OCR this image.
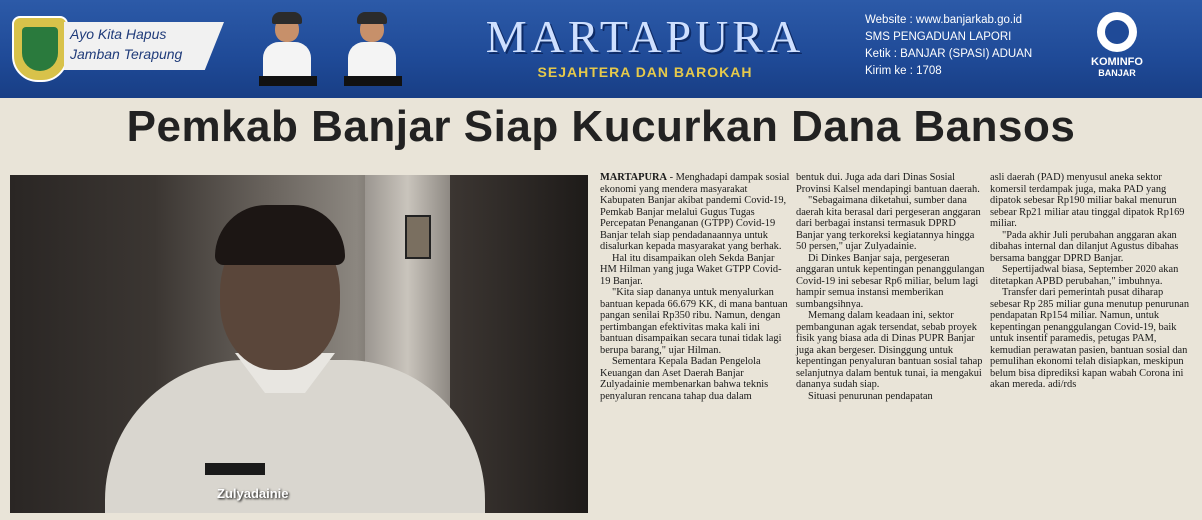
Ayo Kita Hapus
Jamban Terapung	MARTAPURA
SEJAHTERA DAN BAROKAH
Website : www.banjarkab.go.id
SMS PENGADUAN LAPORI
Ketik : BANJAR (SPASI) ADUAN
Kirim ke : 1708
KOMINFO
BANJAR
Pemkab Banjar Siap Kucurkan Dana Bansos
Zulyadainie

MARTAPURA - Menghadapi dampak sosial ekonomi yang mendera masyarakat Kabupaten Banjar akibat pandemi Covid-19, Pemkab Banjar melalui Gugus Tugas Percepatan Penanganan (GTPP) Covid-19 Banjar telah siap pendadanaannya untuk disalurkan kepada masyarakat yang berhak.

Hal itu disampaikan oleh Sekda Banjar HM Hilman yang juga Waket GTPP Covid-19 Banjar.

"Kita siap dananya untuk menyalurkan bantuan kepada 66.679 KK, di mana bantuan pangan senilai Rp350 ribu. Namun, dengan pertimbangan efektivitas maka kali ini bantuan disampaikan secara tunai tidak lagi berupa barang," ujar Hilman.

Sementara Kepala Badan Pengelola Keuangan dan Aset Daerah Banjar Zulyadainie membenarkan bahwa teknis penyaluran rencana tahap dua dalam

bentuk dui. Juga ada dari Dinas Sosial Provinsi Kalsel mendapingi bantuan daerah.

"Sebagaimana diketahui, sumber dana daerah kita berasal dari pergeseran anggaran dari berbagai instansi termasuk DPRD Banjar yang terkoreksi kegiatannya hingga 50 persen," ujar Zulyadainie.

Di Dinkes Banjar saja, pergeseran anggaran untuk kepentingan penanggulangan Covid-19 ini sebesar Rp6 miliar, belum lagi hampir semua instansi memberikan sumbangsihnya.

Memang dalam keadaan ini, sektor pembangunan agak tersendat, sebab proyek fisik yang biasa ada di Dinas PUPR Banjar juga akan bergeser. Disinggung untuk kepentingan penyaluran bantuan sosial tahap selanjutnya dalam bentuk tunai, ia mengakui dananya sudah siap.

Situasi penurunan pendapatan

asli daerah (PAD) menyusul aneka sektor komersil terdampak juga, maka PAD yang dipatok sebesar Rp190 miliar bakal menurun sebear Rp21 miliar atau tinggal dipatok Rp169 miliar.

"Pada akhir Juli perubahan anggaran akan dibahas internal dan dilanjut Agustus dibahas bersama banggar DPRD Banjar.

Sepertijadwal biasa, September 2020 akan ditetapkan APBD perubahan," imbuhnya.

Transfer dari pemerintah pusat diharap sebesar Rp 285 miliar guna menutup penurunan pendapatan Rp154 miliar. Namun, untuk kepentingan penanggulangan Covid-19, baik untuk insentif paramedis, petugas PAM, kemudian perawatan pasien, bantuan sosial dan pemulihan ekonomi telah disiapkan, meskipun belum bisa diprediksi kapan wabah Corona ini akan mereda. adi/rds
